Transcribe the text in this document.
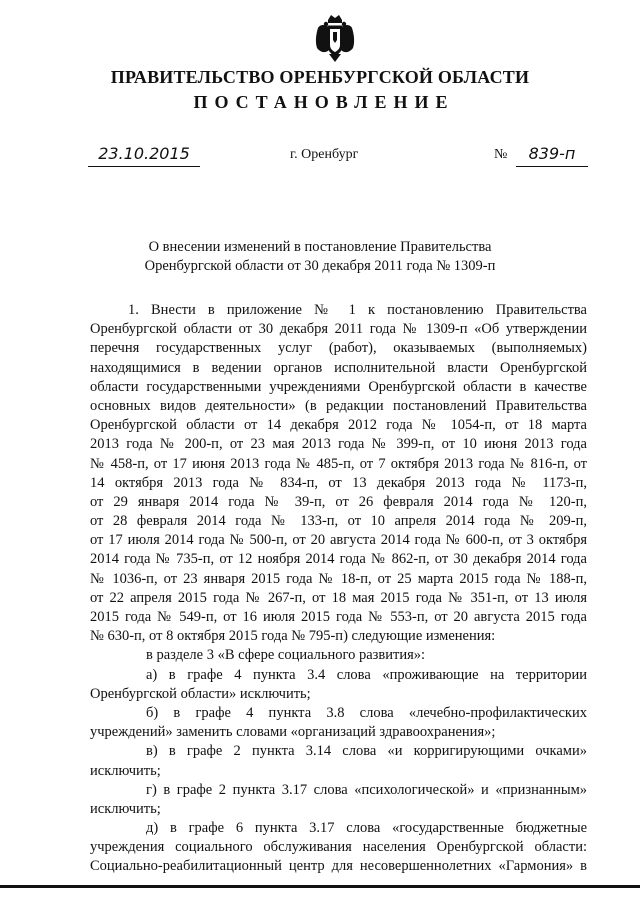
ПРАВИТЕЛЬСТВО ОРЕНБУРГСКОЙ ОБЛАСТИ
ПОСТАНОВЛЕНИЕ
23.10.2015	г. Оренбург	№	839-п
О внесении изменений в постановление Правительства
Оренбургской области от 30 декабря 2011 года № 1309-п
1. Внести в приложение № 1 к постановлению Правительства
Оренбургской области от 30 декабря 2011 года № 1309-п «Об утверждении
перечня государственных услуг (работ), оказываемых (выполняемых)
находящимися в ведении органов исполнительной власти Оренбургской
области государственными учреждениями Оренбургской области в качестве
основных видов деятельности» (в редакции постановлений Правительства
Оренбургской области от 14 декабря 2012 года № 1054-п, от 18 марта
2013 года № 200-п, от 23 мая 2013 года № 399-п, от 10 июня 2013 года
№ 458-п, от 17 июня 2013 года № 485-п, от 7 октября 2013 года № 816-п, от
14 октября 2013 года № 834-п, от 13 декабря 2013 года № 1173-п,
от 29 января 2014 года № 39-п, от 26 февраля 2014 года № 120-п,
от 28 февраля 2014 года № 133-п, от 10 апреля 2014 года № 209-п,
от 17 июля 2014 года № 500-п, от 20 августа 2014 года № 600-п, от 3 октября
2014 года № 735-п, от 12 ноября 2014 года № 862-п, от 30 декабря 2014 года
№ 1036-п, от 23 января 2015 года № 18-п, от 25 марта 2015 года № 188-п,
от 22 апреля 2015 года № 267-п, от 18 мая 2015 года № 351-п, от 13 июля
2015 года № 549-п, от 16 июля 2015 года № 553-п, от 20 августа 2015 года
№ 630-п, от 8 октября 2015 года № 795-п) следующие изменения:
в разделе 3 «В сфере социального развития»:
а) в графе 4 пункта 3.4 слова «проживающие на территории
Оренбургской области» исключить;
б) в графе 4 пункта 3.8 слова «лечебно-профилактических
учреждений» заменить словами «организаций здравоохранения»;
в) в графе 2 пункта 3.14 слова «и корригирующими очками»
исключить;
г) в графе 2 пункта 3.17 слова «психологической» и «признанным»
исключить;
д) в графе 6 пункта 3.17 слова «государственные бюджетные
учреждения социального обслуживания населения Оренбургской области:
Социально-реабилитационный центр для несовершеннолетних «Гармония» в
